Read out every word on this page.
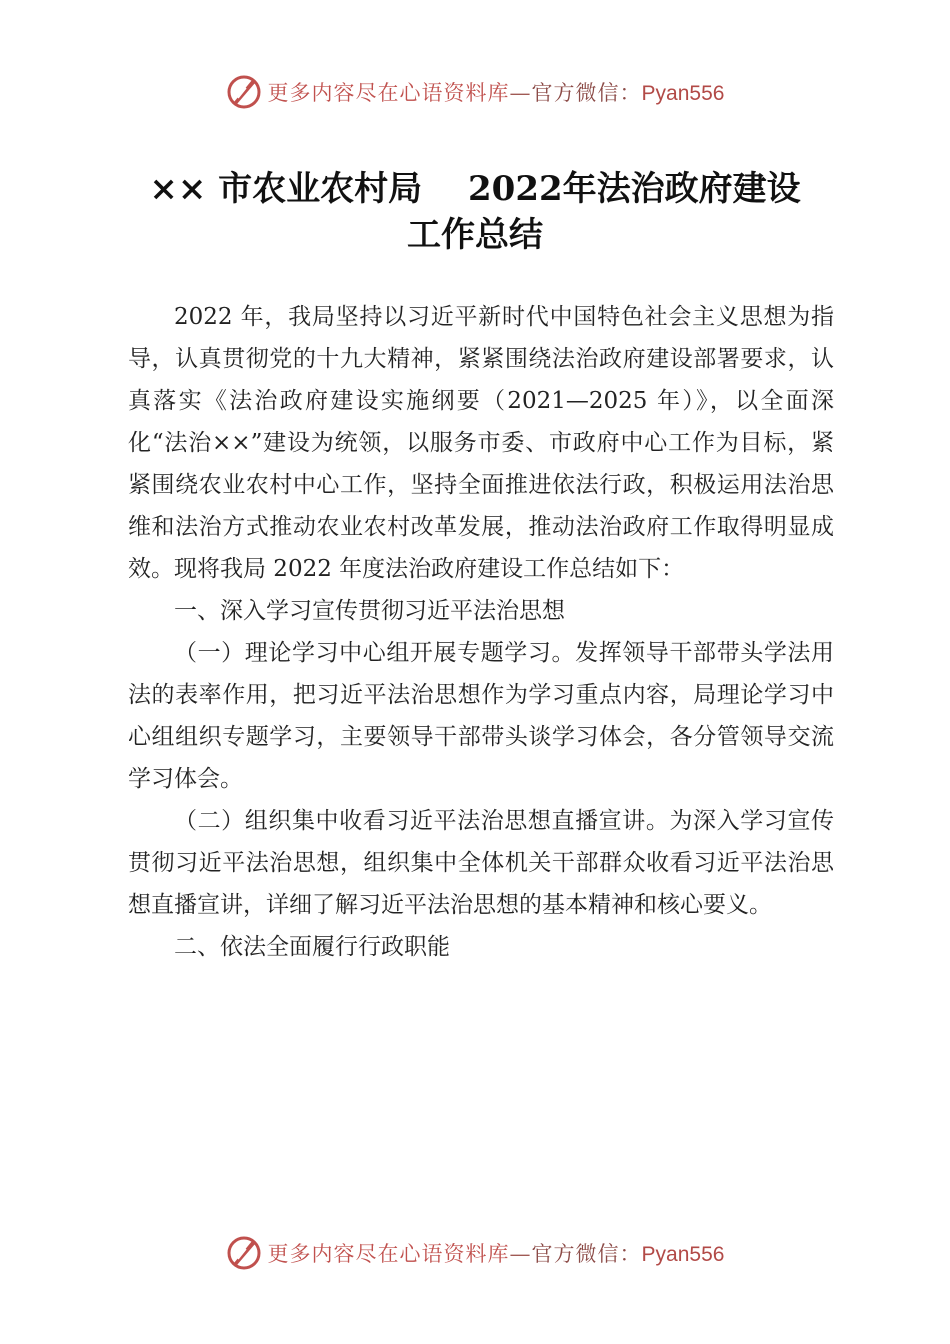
更多内容尽在心语资料库—官方微信：Pyan556
×× 市农业农村局　 2022年法治政府建设
工作总结

2022 年，我局坚持以习近平新时代中国特色社会主义思想为指导，认真贯彻党的十九大精神，紧紧围绕法治政府建设部署要求，认真落实《法治政府建设实施纲要（2021—2025 年）》，以全面深化“法治××”建设为统领，以服务市委、市政府中心工作为目标，紧紧围绕农业农村中心工作，坚持全面推进依法行政，积极运用法治思维和法治方式推动农业农村改革发展，推动法治政府工作取得明显成效。现将我局 2022 年度法治政府建设工作总结如下：

一、深入学习宣传贯彻习近平法治思想

（一）理论学习中心组开展专题学习。发挥领导干部带头学法用法的表率作用，把习近平法治思想作为学习重点内容，局理论学习中心组组织专题学习，主要领导干部带头谈学习体会，各分管领导交流学习体会。

（二）组织集中收看习近平法治思想直播宣讲。为深入学习宣传贯彻习近平法治思想，组织集中全体机关干部群众收看习近平法治思想直播宣讲，详细了解习近平法治思想的基本精神和核心要义。

二、依法全面履行行政职能

更多内容尽在心语资料库—官方微信：Pyan556
